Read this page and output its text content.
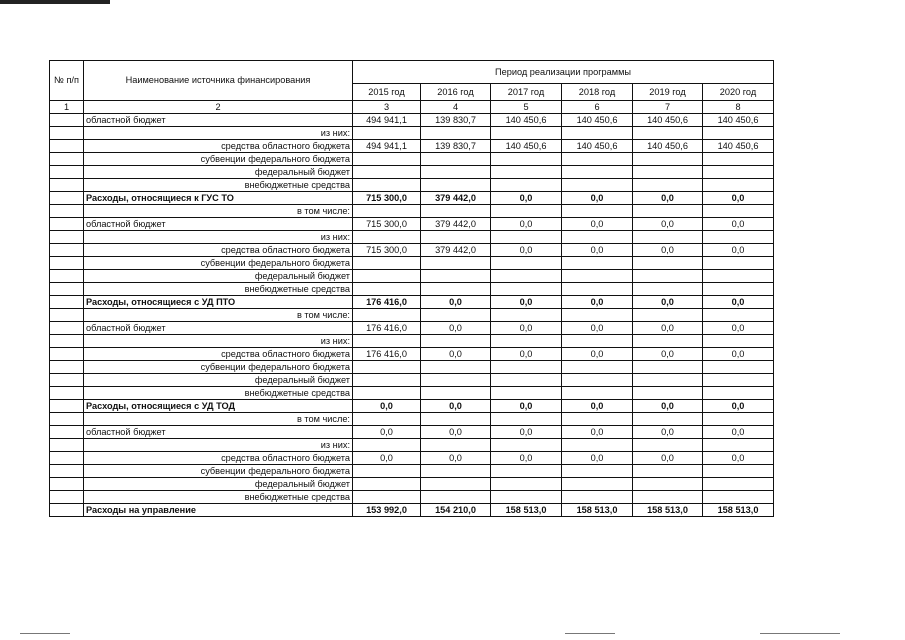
№ п/п	Наименование источника финансирования	Период реализации программы					
		2015 год	2016 год	2017 год	2018 год	2019 год	2020 год
1	2	3	4	5	6	7	8
	областной бюджет	494 941,1	139 830,7	140 450,6	140 450,6	140 450,6	140 450,6
	из них:						
	средства областного бюджета	494 941,1	139 830,7	140 450,6	140 450,6	140 450,6	140 450,6
	субвенции федерального бюджета						
	федеральный бюджет						
	внебюджетные средства						
	Расходы, относящиеся к ГУС ТО	715 300,0	379 442,0	0,0	0,0	0,0	0,0
	в том числе:						
	областной бюджет	715 300,0	379 442,0	0,0	0,0	0,0	0,0
	из них:						
	средства областного бюджета	715 300,0	379 442,0	0,0	0,0	0,0	0,0
	субвенции федерального бюджета						
	федеральный бюджет						
	внебюджетные средства						
	Расходы, относящиеся с УД ПТО	176 416,0	0,0	0,0	0,0	0,0	0,0
	в том числе:						
	областной бюджет	176 416,0	0,0	0,0	0,0	0,0	0,0
	из них:						
	средства областного бюджета	176 416,0	0,0	0,0	0,0	0,0	0,0
	субвенции федерального бюджета						
	федеральный бюджет						
	внебюджетные средства						
	Расходы, относящиеся с УД ТОД	0,0	0,0	0,0	0,0	0,0	0,0
	в том числе:						
	областной бюджет	0,0	0,0	0,0	0,0	0,0	0,0
	из них:						
	средства областного бюджета	0,0	0,0	0,0	0,0	0,0	0,0
	субвенции федерального бюджета						
	федеральный бюджет						
	внебюджетные средства						
	Расходы на управление	153 992,0	154 210,0	158 513,0	158 513,0	158 513,0	158 513,0
